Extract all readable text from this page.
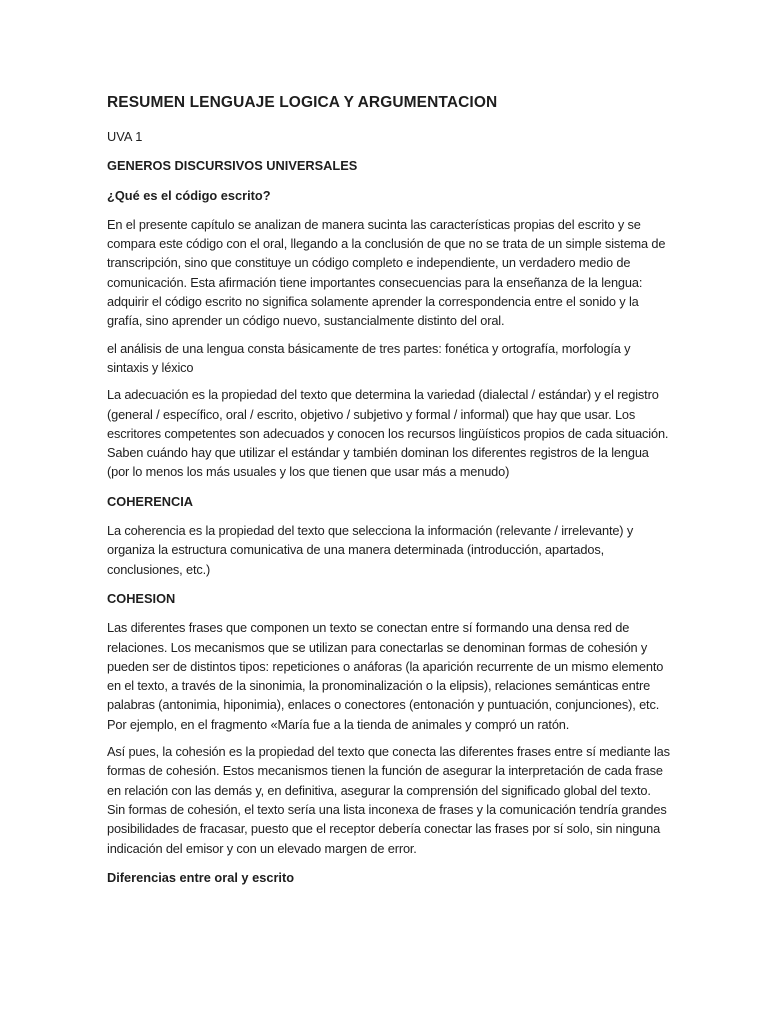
RESUMEN LENGUAJE LOGICA Y ARGUMENTACION

UVA 1

GENEROS DISCURSIVOS UNIVERSALES

¿Qué es el código escrito?

En el presente capítulo se analizan de manera sucinta las características propias del escrito y se compara este código con el oral, llegando a la conclusión de que no se trata de un simple sistema de transcripción, sino que constituye un código completo e independiente, un verdadero medio de comunicación. Esta afirmación tiene importantes consecuencias para la enseñanza de la lengua: adquirir el código escrito no significa solamente aprender la correspondencia entre el sonido y la grafía, sino aprender un código nuevo, sustancialmente distinto del oral.

el análisis de una lengua consta básicamente de tres partes: fonética y ortografía, morfología y sintaxis y léxico

La adecuación es la propiedad del texto que determina la variedad (dialectal / estándar) y el registro (general / específico, oral / escrito, objetivo / subjetivo y formal / informal) que hay que usar. Los escritores competentes son adecuados y conocen los recursos lingüísticos propios de cada situación. Saben cuándo hay que utilizar el estándar y también dominan los diferentes registros de la lengua (por lo menos los más usuales y los que tienen que usar más a menudo)

COHERENCIA

La coherencia es la propiedad del texto que selecciona la información (relevante / irrelevante) y organiza la estructura comunicativa de una manera determinada (introducción, apartados, conclusiones, etc.)

COHESION

Las diferentes frases que componen un texto se conectan entre sí formando una densa red de relaciones. Los mecanismos que se utilizan para conectarlas se denominan formas de cohesión y pueden ser de distintos tipos: repeticiones o anáforas (la aparición recurrente de un mismo elemento en el texto, a través de la sinonimia, la pronominalización o la elipsis), relaciones semánticas entre palabras (antonimia, hiponimia), enlaces o conectores (entonación y puntuación, conjunciones), etc. Por ejemplo, en el fragmento «María fue a la tienda de animales y compró un ratón.

Así pues, la cohesión es la propiedad del texto que conecta las diferentes frases entre sí mediante las formas de cohesión. Estos mecanismos tienen la función de asegurar la interpretación de cada frase en relación con las demás y, en definitiva, asegurar la comprensión del significado global del texto. Sin formas de cohesión, el texto sería una lista inconexa de frases y la comunicación tendría grandes posibilidades de fracasar, puesto que el receptor debería conectar las frases por sí solo, sin ninguna indicación del emisor y con un elevado margen de error.

Diferencias entre oral y escrito
